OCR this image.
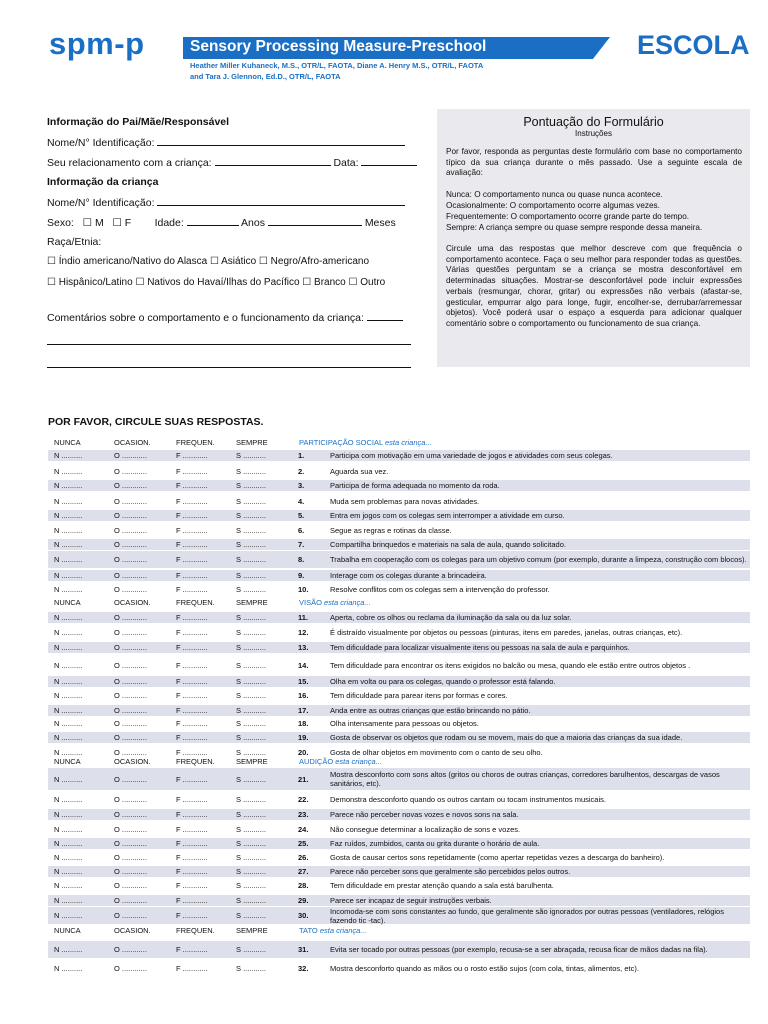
spm-p	Sensory Processing Measure-Preschool
Heather Miller Kuhaneck, M.S., OTR/L, FAOTA, Diane A. Henry M.S., OTR/L, FAOTA
and Tara J. Glennon, Ed.D., OTR/L, FAOTA
ESCOLA
Informação do Pai/Mãe/Responsável
Nome/N° Identificação:
Seu relacionamento com a criança:	Data:
Informação da criança
Nome/N° Identificação:
Sexo: ☐ M ☐ F Idade:	Anos	Meses
Raça/Etnia:
☐ Índio americano/Nativo do Alasca ☐ Asiático ☐ Negro/Afro-americano
☐ Hispânico/Latino ☐ Nativos do Havaí/Ilhas do Pacífico ☐ Branco ☐ Outro
Comentários sobre o comportamento e o funcionamento da criança:
Pontuação do Formulário
Instruções
Por favor, responda as perguntas deste formulário com base no comportamento típico da sua criança durante o mês passado. Use a seguinte escala de avaliação:
Nunca: O comportamento nunca ou quase nunca acontece.
Ocasionalmente: O comportamento ocorre algumas vezes.
Frequentemente: O comportamento ocorre grande parte do tempo.
Sempre: A criança sempre ou quase sempre responde dessa maneira.
Circule uma das respostas que melhor descreve com que frequência o comportamento acontece. Faça o seu melhor para responder todas as questões. Várias questões perguntam se a criança se mostra desconfortável em determinadas situações. Mostrar-se desconfortável pode incluir expressões verbais (resmungar, chorar, gritar) ou expressões não verbais (afastar-se, gesticular, empurrar algo para longe, fugir, encolher-se, derrubar/arremessar objetos). Você poderá usar o espaço a esquerda para adicionar qualquer comentário sobre o comportamento ou funcionamento de sua criança.
POR FAVOR, CIRCULE SUAS RESPOSTAS.
NUNCA	OCASION.	FREQUEN.	SEMPRE	PARTICIPAÇÃO SOCIAL esta criança...
NUNCA	OCASION.	FREQUEN.	SEMPRE	VISÃO esta criança...
NUNCA	OCASION.	FREQUEN.	SEMPRE	AUDIÇÃO esta criança...
NUNCA	OCASION.	FREQUEN.	SEMPRE	TATO esta criança...
N ..........	O ............	F ............	S ...........	1.	Participa com motivação em uma variedade de jogos e atividades com seus colegas.
N ..........	O ............	F ............	S ...........	2.	Aguarda sua vez.
N ..........	O ............	F ............	S ...........	3.	Participa de forma adequada no momento da roda.
N ..........	O ............	F ............	S ...........	4.	Muda sem problemas para novas atividades.
N ..........	O ............	F ............	S ...........	5.	Entra em jogos com os colegas sem interromper a atividade em curso.
N ..........	O ............	F ............	S ...........	6.	Segue as regras e rotinas da classe.
N ..........	O ............	F ............	S ...........	7.	Compartilha brinquedos e materiais na sala de aula, quando solicitado.
N ..........	O ............	F ............	S ...........	8.	Trabalha em cooperação com os colegas para um objetivo comum (por exemplo, durante a limpeza, construção com blocos).
N ..........	O ............	F ............	S ...........	9.	Interage com os colegas durante a brincadeira.
N ..........	O ............	F ............	S ...........	10.	Resolve conflitos com os colegas sem a intervenção do professor.
N ..........	O ............	F ............	S ...........	11.	Aperta, cobre os olhos ou reclama da iluminação da sala ou da luz solar.
N ..........	O ............	F ............	S ...........	12.	É distraído visualmente por objetos ou pessoas (pinturas, itens em paredes, janelas, outras crianças, etc).
N ..........	O ............	F ............	S ...........	13.	Tem dificuldade para localizar visualmente itens ou pessoas na sala de aula e parquinhos.
N ..........	O ............	F ............	S ...........	14.	Tem dificuldade para encontrar os itens exigidos no balcão ou mesa, quando ele estão entre outros objetos .
N ..........	O ............	F ............	S ...........	15.	Olha em volta ou para os colegas, quando o professor está falando.
N ..........	O ............	F ............	S ...........	16.	Tem dificuldade para parear itens por formas e cores.
N ..........	O ............	F ............	S ...........	17.	Anda entre as outras crianças que estão brincando no pátio.
N ..........	O ............	F ............	S ...........	18.	Olha intensamente para pessoas ou objetos.
N ..........	O ............	F ............	S ...........	19.	Gosta de observar os objetos que rodam ou se movem, mais do que a maioria das crianças da sua idade.
N ..........	O ............	F ............	S ...........	20.	Gosta de olhar objetos em movimento com o canto de seu olho.
N ..........	O ............	F ............	S ...........	21.	Mostra desconforto com sons altos (gritos ou choros de outras crianças, corredores barulhentos, descargas de vasos sanitários, etc).
N ..........	O ............	F ............	S ...........	22.	Demonstra desconforto quando os outros cantam ou tocam instrumentos musicais.
N ..........	O ............	F ............	S ...........	23.	Parece não perceber novas vozes e novos sons na sala.
N ..........	O ............	F ............	S ...........	24.	Não consegue determinar a localização de sons e vozes.
N ..........	O ............	F ............	S ...........	25.	Faz ruídos, zumbidos, canta ou grita durante o horário de aula.
N ..........	O ............	F ............	S ...........	26.	Gosta de causar certos sons repetidamente (como apertar repetidas vezes a descarga do banheiro).
N ..........	O ............	F ............	S ...........	27.	Parece não perceber sons que geralmente são percebidos pelos outros.
N ..........	O ............	F ............	S ...........	28.	Tem dificuldade em prestar atenção quando a sala está barulhenta.
N ..........	O ............	F ............	S ...........	29.	Parece ser incapaz de seguir instruções verbais.
N ..........	O ............	F ............	S ...........	30.	Incomoda-se com sons constantes ao fundo, que geralmente são ignorados por outras pessoas (ventiladores, relógios fazendo tic -tac).
N ..........	O ............	F ............	S ...........	31.	Evita ser tocado por outras pessoas (por exemplo, recusa-se a ser abraçada, recusa ficar de mãos dadas na fila).
N ..........	O ............	F ............	S ...........	32.	Mostra desconforto quando as mãos ou o rosto estão sujos (com cola, tintas, alimentos, etc).
